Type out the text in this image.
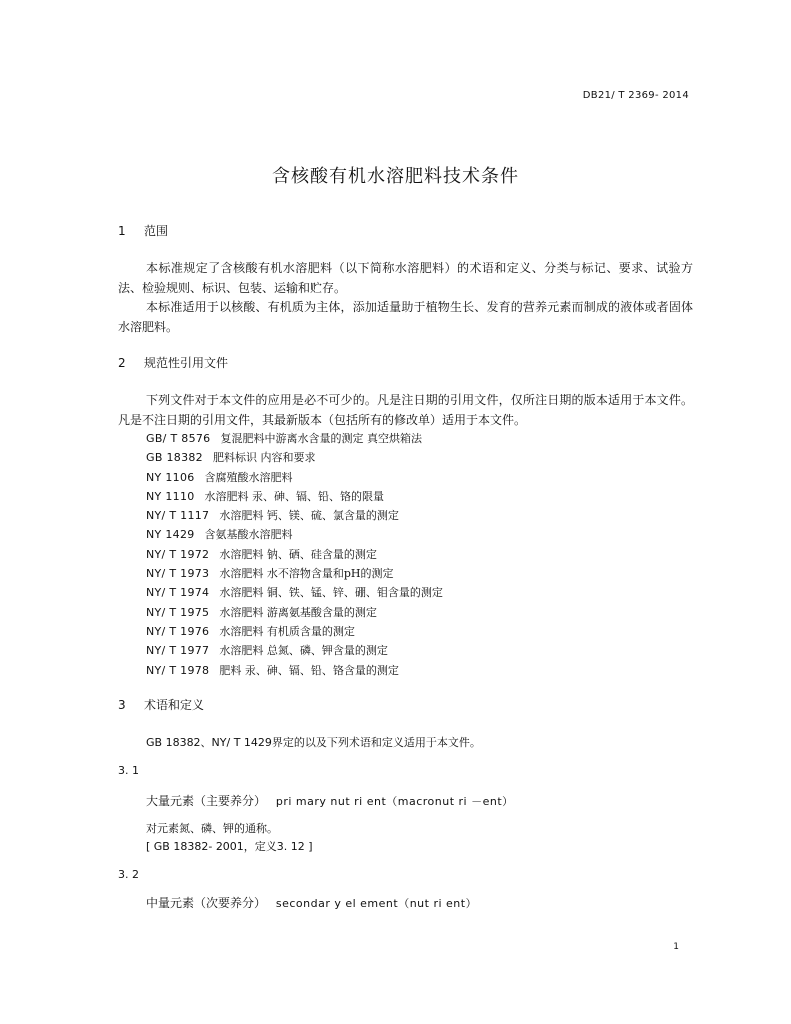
DB21/ T 2369- 2014
含核酸有机水溶肥料技术条件
1 范围
本标准规定了含核酸有机水溶肥料（以下简称水溶肥料）的术语和定义、分类与标记、要求、试验方法、检验规则、标识、包装、运输和贮存。
本标准适用于以核酸、有机质为主体，添加适量助于植物生长、发育的营养元素而制成的液体或者固体水溶肥料。
2 规范性引用文件
下列文件对于本文件的应用是必不可少的。凡是注日期的引用文件，仅所注日期的版本适用于本文件。凡是不注日期的引用文件，其最新版本（包括所有的修改单）适用于本文件。
GB/ T 8576 复混肥料中游离水含量的测定 真空烘箱法
GB 18382 肥料标识 内容和要求
NY 1106 含腐殖酸水溶肥料
NY 1110 水溶肥料 汞、砷、镉、铅、铬的限量
NY/ T 1117 水溶肥料 钙、镁、硫、氯含量的测定
NY 1429 含氨基酸水溶肥料
NY/ T 1972 水溶肥料 钠、硒、硅含量的测定
NY/ T 1973 水溶肥料 水不溶物含量和pH的测定
NY/ T 1974 水溶肥料 铜、铁、锰、锌、硼、钼含量的测定
NY/ T 1975 水溶肥料 游离氨基酸含量的测定
NY/ T 1976 水溶肥料 有机质含量的测定
NY/ T 1977 水溶肥料 总氮、磷、钾含量的测定
NY/ T 1978 肥料 汞、砷、镉、铅、铬含量的测定
3 术语和定义
GB 18382、NY/ T 1429界定的以及下列术语和定义适用于本文件。
3. 1
大量元素（主要养分） pri mary nut ri ent（macronut ri －ent）
对元素氮、磷、钾的通称。
[ GB 18382- 2001，定义3. 12 ]
3. 2
中量元素（次要养分） secondar y el ement（nut ri ent）
1
